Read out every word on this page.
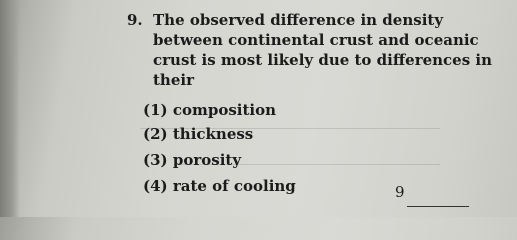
9. The observed difference in density between continental crust and oceanic crust is most likely due to differences in their
(1) composition
(2) thickness
(3) porosity
(4) rate of cooling	9
